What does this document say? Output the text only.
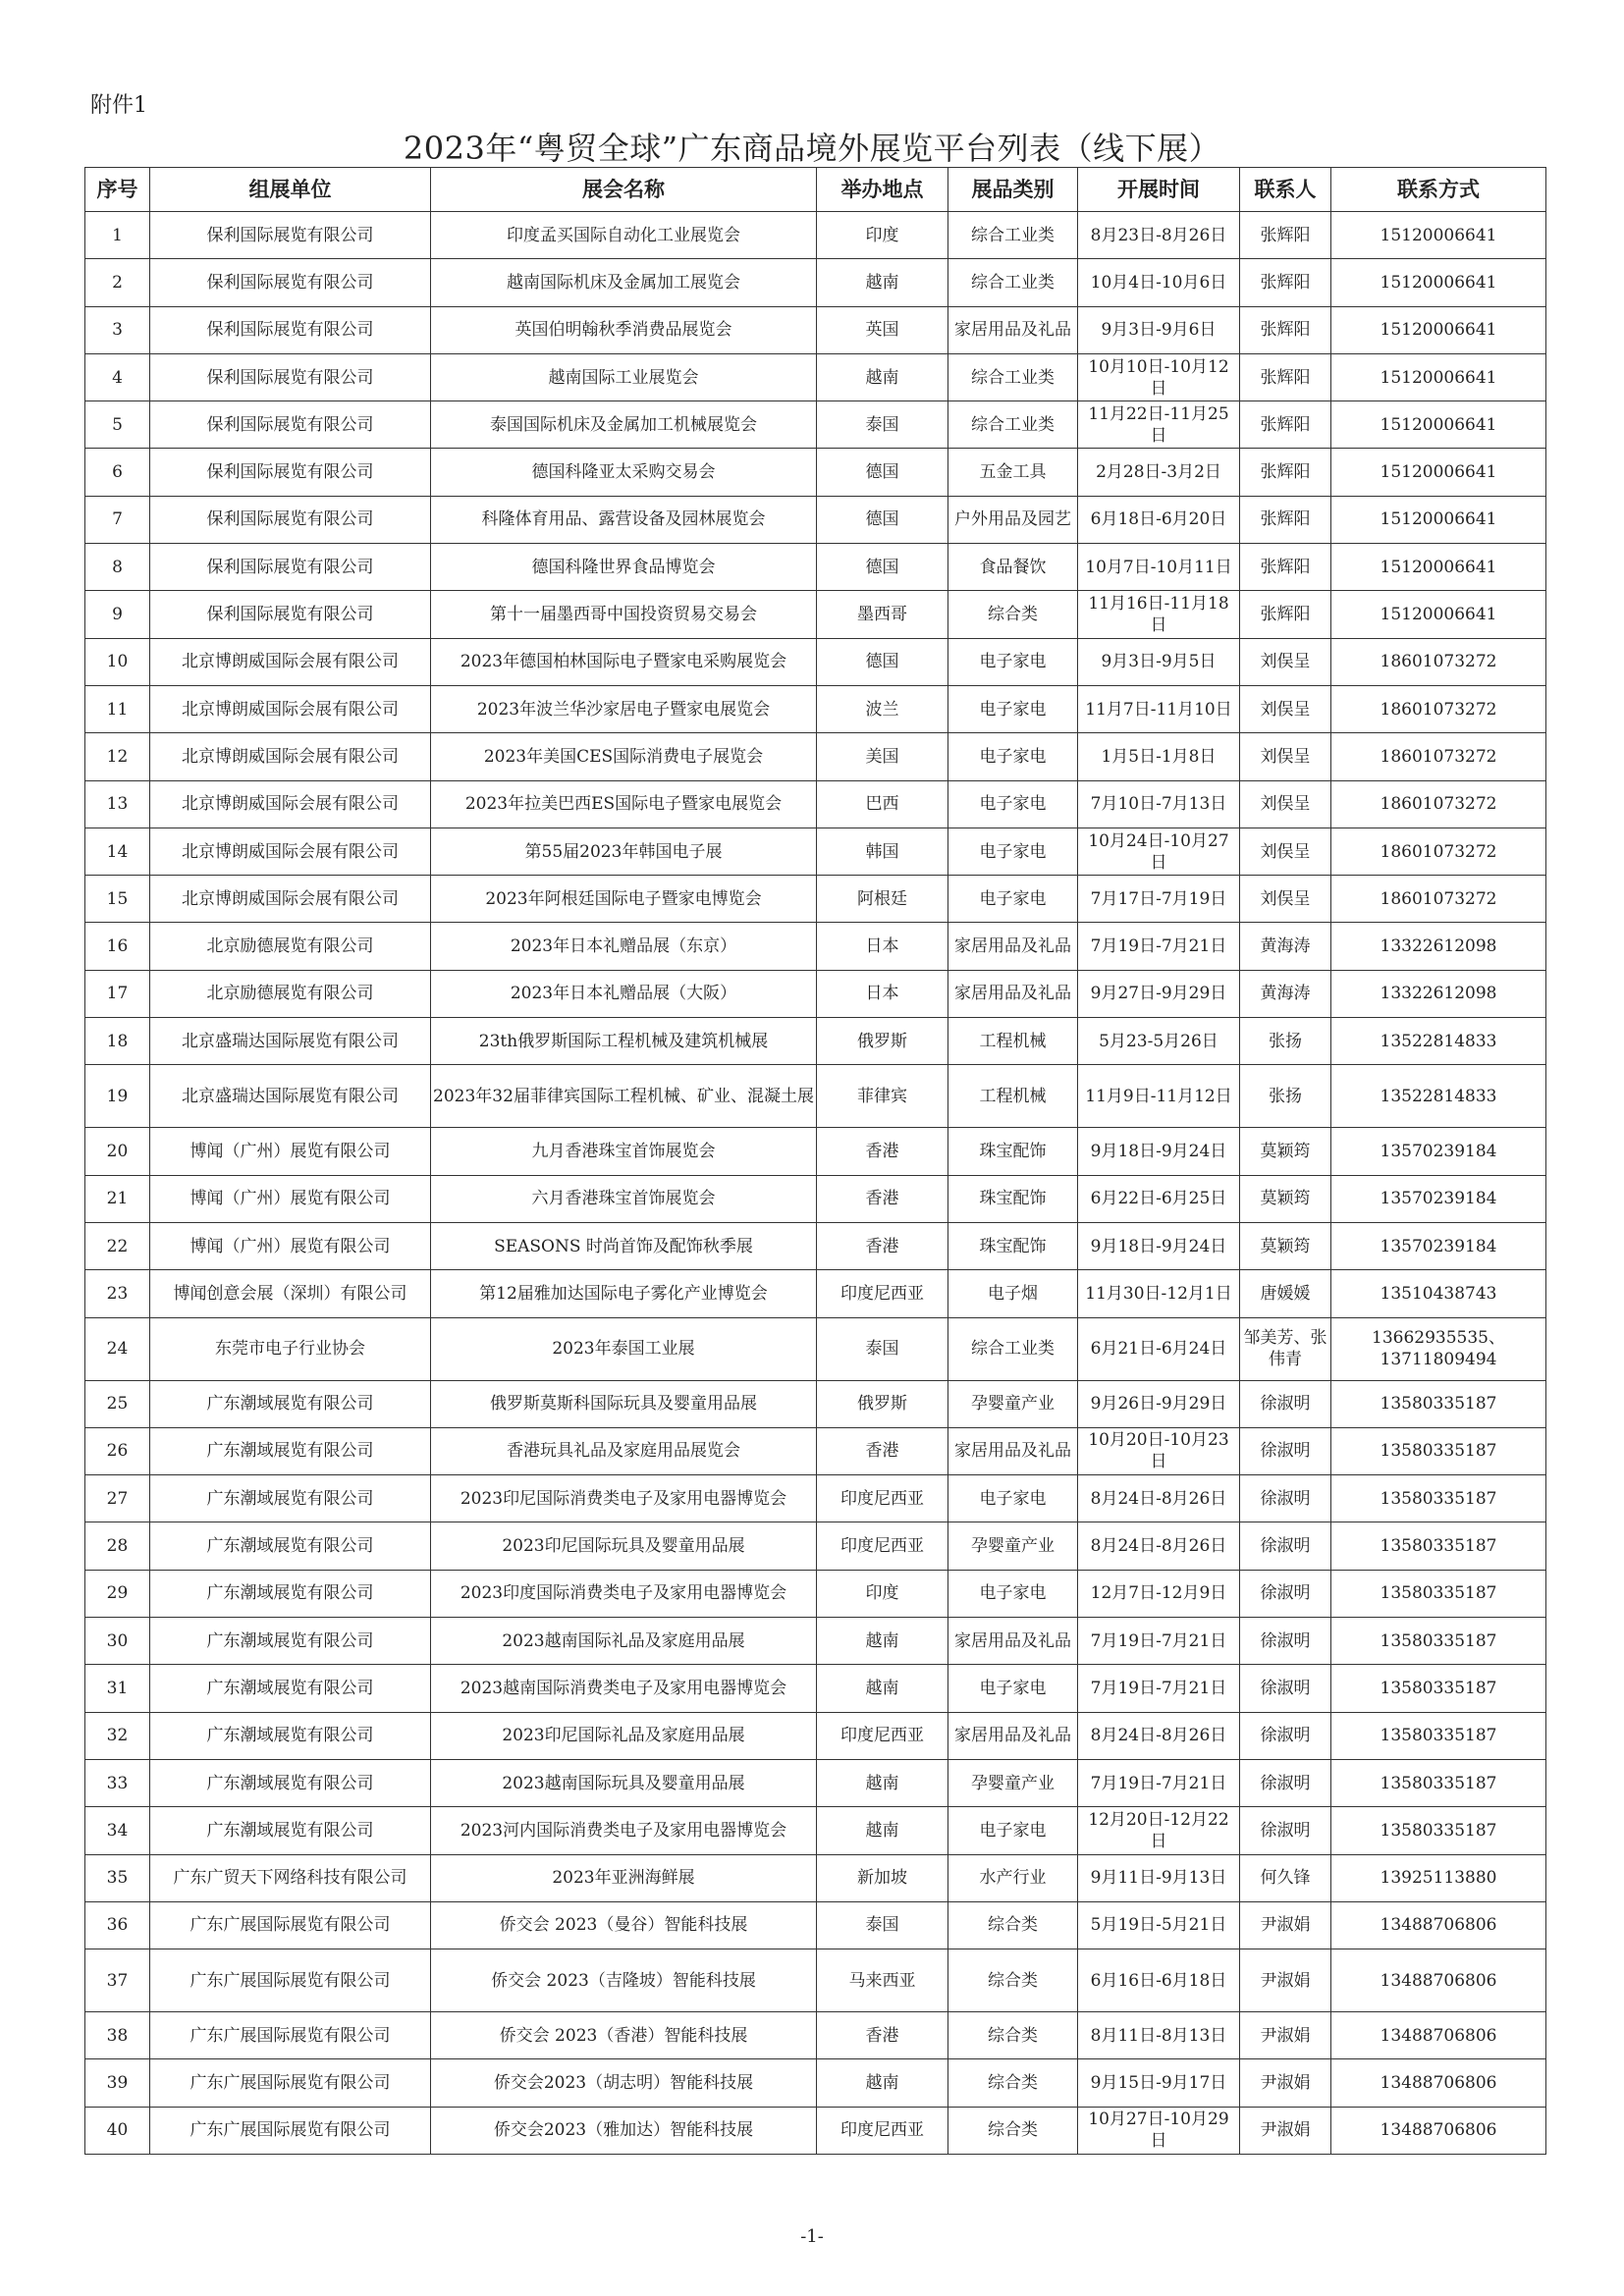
附件1
2023年“粤贸全球”广东商品境外展览平台列表（线下展）
序号	组展单位	展会名称	举办地点	展品类别	开展时间	联系人	联系方式
1	保利国际展览有限公司	印度孟买国际自动化工业展览会	印度	综合工业类	8月23日-8月26日	张辉阳	15120006641
2	保利国际展览有限公司	越南国际机床及金属加工展览会	越南	综合工业类	10月4日-10月6日	张辉阳	15120006641
3	保利国际展览有限公司	英国伯明翰秋季消费品展览会	英国	家居用品及礼品	9月3日-9月6日	张辉阳	15120006641
4	保利国际展览有限公司	越南国际工业展览会	越南	综合工业类	10月10日-10月12日	张辉阳	15120006641
5	保利国际展览有限公司	泰国国际机床及金属加工机械展览会	泰国	综合工业类	11月22日-11月25日	张辉阳	15120006641
6	保利国际展览有限公司	德国科隆亚太采购交易会	德国	五金工具	2月28日-3月2日	张辉阳	15120006641
7	保利国际展览有限公司	科隆体育用品、露营设备及园林展览会	德国	户外用品及园艺	6月18日-6月20日	张辉阳	15120006641
8	保利国际展览有限公司	德国科隆世界食品博览会	德国	食品餐饮	10月7日-10月11日	张辉阳	15120006641
9	保利国际展览有限公司	第十一届墨西哥中国投资贸易交易会	墨西哥	综合类	11月16日-11月18日	张辉阳	15120006641
10	北京博朗威国际会展有限公司	2023年德国柏林国际电子暨家电采购展览会	德国	电子家电	9月3日-9月5日	刘俣呈	18601073272
11	北京博朗威国际会展有限公司	2023年波兰华沙家居电子暨家电展览会	波兰	电子家电	11月7日-11月10日	刘俣呈	18601073272
12	北京博朗威国际会展有限公司	2023年美国CES国际消费电子展览会	美国	电子家电	1月5日-1月8日	刘俣呈	18601073272
13	北京博朗威国际会展有限公司	2023年拉美巴西ES国际电子暨家电展览会	巴西	电子家电	7月10日-7月13日	刘俣呈	18601073272
14	北京博朗威国际会展有限公司	第55届2023年韩国电子展	韩国	电子家电	10月24日-10月27日	刘俣呈	18601073272
15	北京博朗威国际会展有限公司	2023年阿根廷国际电子暨家电博览会	阿根廷	电子家电	7月17日-7月19日	刘俣呈	18601073272
16	北京励德展览有限公司	2023年日本礼赠品展（东京）	日本	家居用品及礼品	7月19日-7月21日	黄海涛	13322612098
17	北京励德展览有限公司	2023年日本礼赠品展（大阪）	日本	家居用品及礼品	9月27日-9月29日	黄海涛	13322612098
18	北京盛瑞达国际展览有限公司	23th俄罗斯国际工程机械及建筑机械展	俄罗斯	工程机械	5月23-5月26日	张扬	13522814833
19	北京盛瑞达国际展览有限公司	2023年32届菲律宾国际工程机械、矿业、混凝土展	菲律宾	工程机械	11月9日-11月12日	张扬	13522814833
20	博闻（广州）展览有限公司	九月香港珠宝首饰展览会	香港	珠宝配饰	9月18日-9月24日	莫颖筠	13570239184
21	博闻（广州）展览有限公司	六月香港珠宝首饰展览会	香港	珠宝配饰	6月22日-6月25日	莫颖筠	13570239184
22	博闻（广州）展览有限公司	SEASONS 时尚首饰及配饰秋季展	香港	珠宝配饰	9月18日-9月24日	莫颖筠	13570239184
23	博闻创意会展（深圳）有限公司	第12届雅加达国际电子雾化产业博览会	印度尼西亚	电子烟	11月30日-12月1日	唐媛媛	13510438743
24	东莞市电子行业协会	2023年泰国工业展	泰国	综合工业类	6月21日-6月24日	邹美芳、张伟青	13662935535、13711809494
25	广东潮域展览有限公司	俄罗斯莫斯科国际玩具及婴童用品展	俄罗斯	孕婴童产业	9月26日-9月29日	徐淑明	13580335187
26	广东潮域展览有限公司	香港玩具礼品及家庭用品展览会	香港	家居用品及礼品	10月20日-10月23日	徐淑明	13580335187
27	广东潮域展览有限公司	2023印尼国际消费类电子及家用电器博览会	印度尼西亚	电子家电	8月24日-8月26日	徐淑明	13580335187
28	广东潮域展览有限公司	2023印尼国际玩具及婴童用品展	印度尼西亚	孕婴童产业	8月24日-8月26日	徐淑明	13580335187
29	广东潮域展览有限公司	2023印度国际消费类电子及家用电器博览会	印度	电子家电	12月7日-12月9日	徐淑明	13580335187
30	广东潮域展览有限公司	2023越南国际礼品及家庭用品展	越南	家居用品及礼品	7月19日-7月21日	徐淑明	13580335187
31	广东潮域展览有限公司	2023越南国际消费类电子及家用电器博览会	越南	电子家电	7月19日-7月21日	徐淑明	13580335187
32	广东潮域展览有限公司	2023印尼国际礼品及家庭用品展	印度尼西亚	家居用品及礼品	8月24日-8月26日	徐淑明	13580335187
33	广东潮域展览有限公司	2023越南国际玩具及婴童用品展	越南	孕婴童产业	7月19日-7月21日	徐淑明	13580335187
34	广东潮域展览有限公司	2023河内国际消费类电子及家用电器博览会	越南	电子家电	12月20日-12月22日	徐淑明	13580335187
35	广东广贸天下网络科技有限公司	2023年亚洲海鲜展	新加坡	水产行业	9月11日-9月13日	何久锋	13925113880
36	广东广展国际展览有限公司	侨交会 2023（曼谷）智能科技展	泰国	综合类	5月19日-5月21日	尹淑娟	13488706806
37	广东广展国际展览有限公司	侨交会 2023（吉隆坡）智能科技展	马来西亚	综合类	6月16日-6月18日	尹淑娟	13488706806
38	广东广展国际展览有限公司	侨交会 2023（香港）智能科技展	香港	综合类	8月11日-8月13日	尹淑娟	13488706806
39	广东广展国际展览有限公司	侨交会2023（胡志明）智能科技展	越南	综合类	9月15日-9月17日	尹淑娟	13488706806
40	广东广展国际展览有限公司	侨交会2023（雅加达）智能科技展	印度尼西亚	综合类	10月27日-10月29日	尹淑娟	13488706806
-1-
